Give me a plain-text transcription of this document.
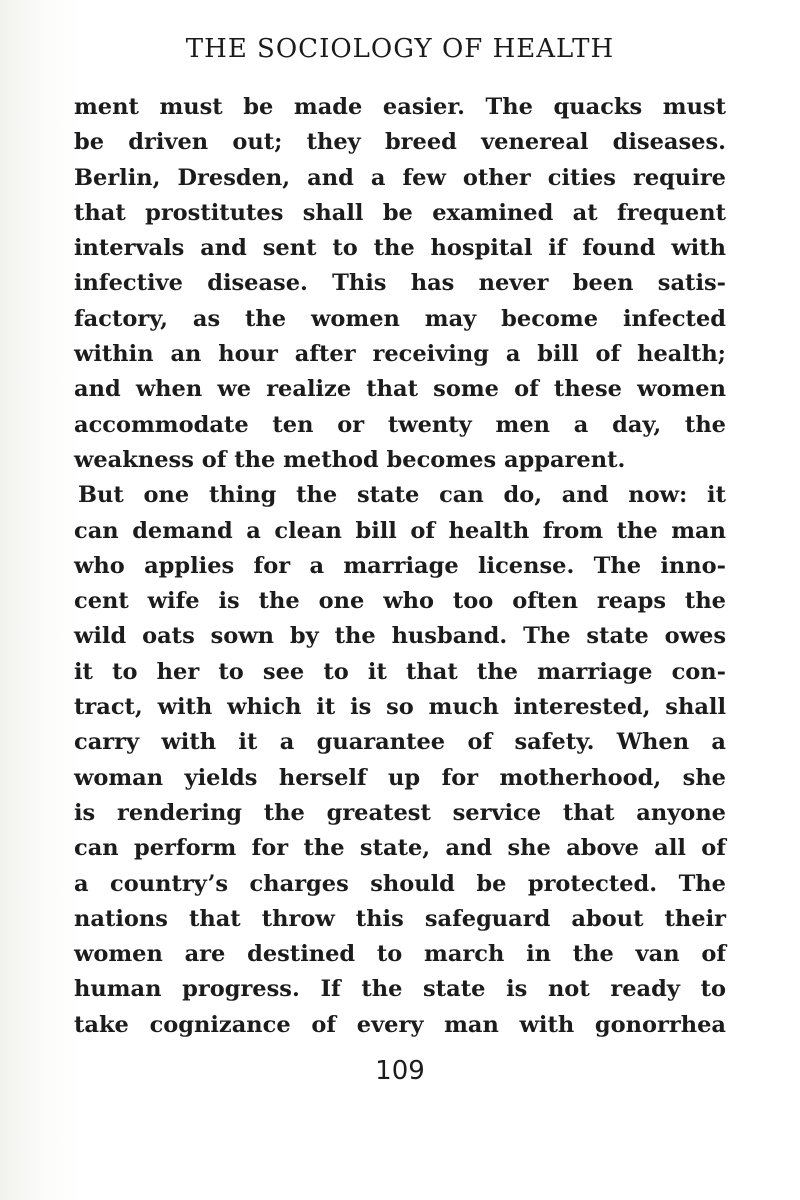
THE SOCIOLOGY OF HEALTH
ment must be made easier. The quacks must
be driven out; they breed venereal diseases.
Berlin, Dresden, and a few other cities require
that prostitutes shall be examined at frequent
intervals and sent to the hospital if found with
infective disease. This has never been satis-
factory, as the women may become infected
within an hour after receiving a bill of health;
and when we realize that some of these women
accommodate ten or twenty men a day, the
weakness of the method becomes apparent.
But one thing the state can do, and now: it
can demand a clean bill of health from the man
who applies for a marriage license. The inno-
cent wife is the one who too often reaps the
wild oats sown by the husband. The state owes
it to her to see to it that the marriage con-
tract, with which it is so much interested, shall
carry with it a guarantee of safety. When a
woman yields herself up for motherhood, she
is rendering the greatest service that anyone
can perform for the state, and she above all of
a country’s charges should be protected. The
nations that throw this safeguard about their
women are destined to march in the van of
human progress. If the state is not ready to
take cognizance of every man with gonorrhea
109
